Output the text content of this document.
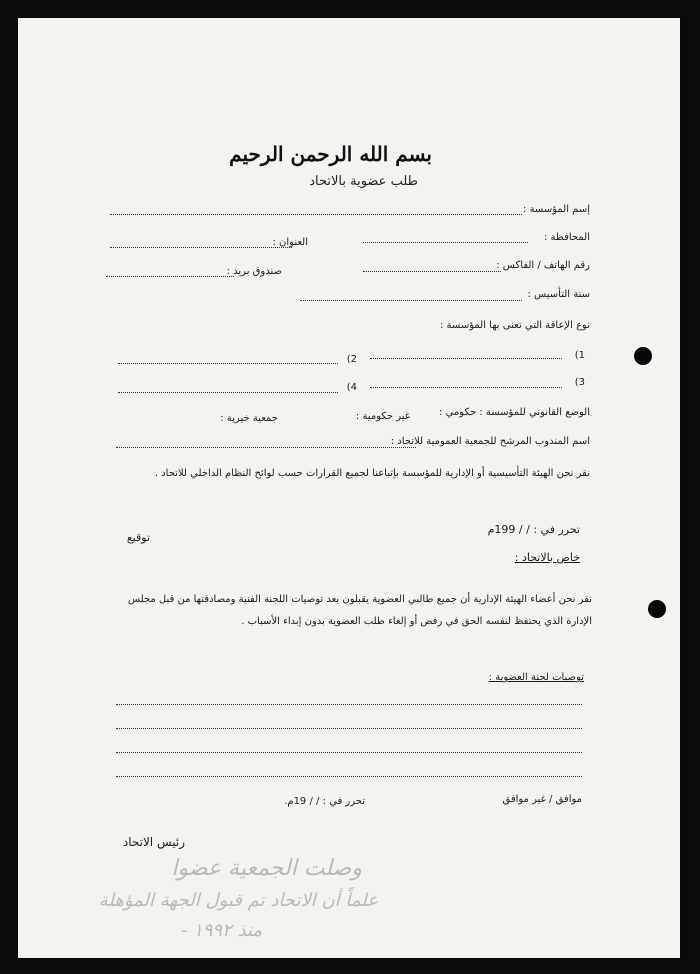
بسم الله الرحمن الرحيم
طلب عضوية بالاتحاد
إسم المؤسسة :
المحافظة :
العنوان :
رقم الهاتف / الفاكس :
صندوق بريد :
سنة التأسيس :
نوع الإعاقة التي تعنى بها المؤسسة :
1)
2)
3)
4)
الوضع القانوني للمؤسسة : حكومي :
غير حكومية :
جمعية خيرية :
اسم المندوب المرشح للجمعية العمومية للاتحاد :
نقر نحن الهيئة التأسيسية أو الإدارية للمؤسسة بإتباعنا لجميع القرارات حسب لوائح النظام الداخلي للاتحاد .
تحرر في : / / 199م
توقيع
خاص بالاتحاد :
نقر نحن أعضاء الهيئة الإدارية أن جميع طالبي العضوية يقبلون بعد توصيات اللجنة الفنية ومصادقتها من قبل مجلس
الإدارة الذي يحتفظ لنفسه الحق في رفض أو إلغاء طلب العضوية بدون إبداء الأسباب .
توصيات لجنة العضوية :
موافق / غير موافق
تحرر في : / / 19م.
رئيس الاتحاد
وصلت الجمعية عضوا
علماً أن الاتحاد تم قبول الجهة المؤهلة
منذ ١٩٩٢ -
